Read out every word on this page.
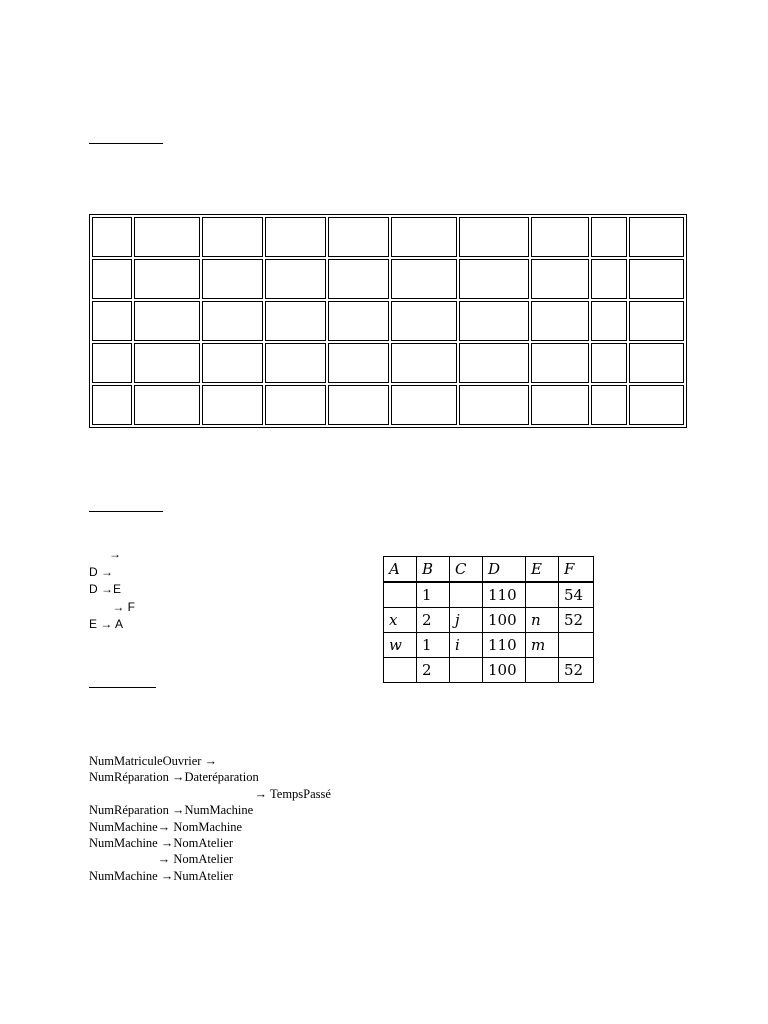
→
D →
D →E
→ F
E → A
A	B	C	D	E	F
	1		110		54
x	2	j	100	n	52
w	1	i	110	m	
	2		100		52
NumMatriculeOuvrier →
NumRéparation →Dateréparation
→ TempsPassé
NumRéparation →NumMachine
NumMachine→ NomMachine
NumMachine →NomAtelier
→ NomAtelier
NumMachine →NumAtelier
